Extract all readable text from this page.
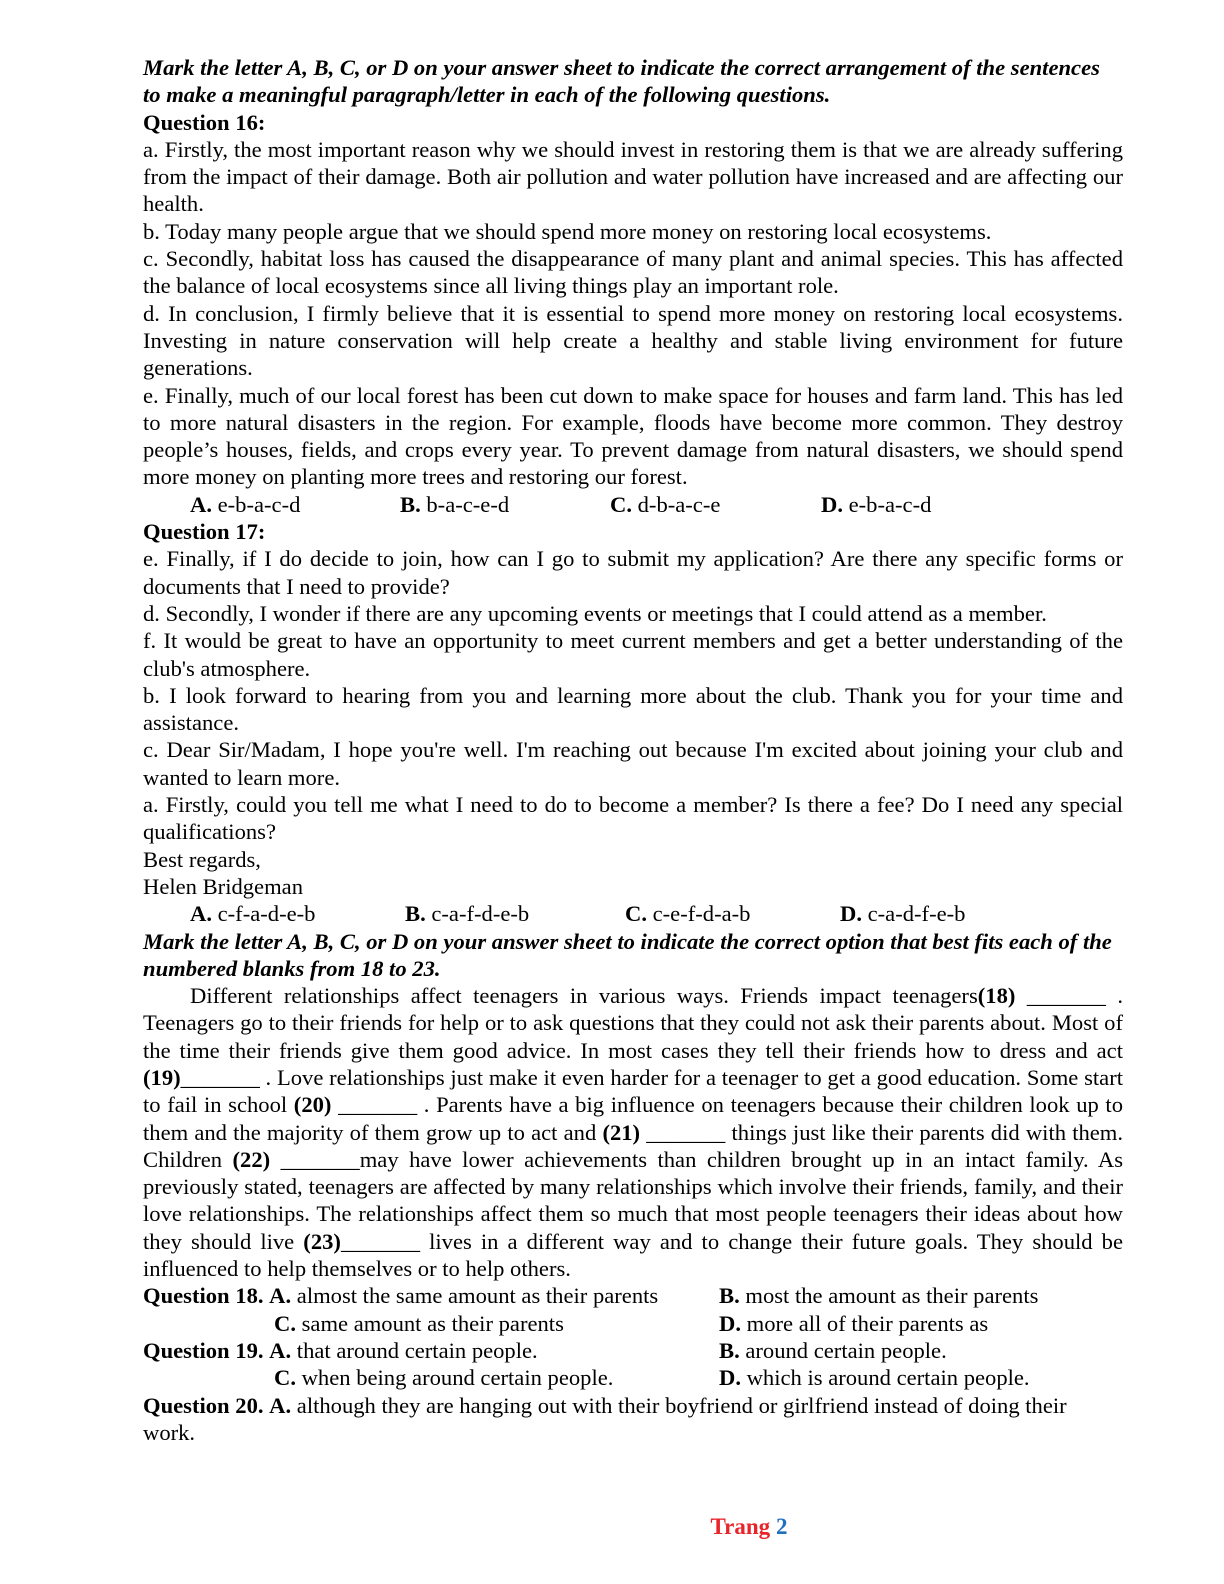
Mark the letter A, B, C, or D on your answer sheet to indicate the correct arrangement of the sentences to make a meaningful paragraph/letter in each of the following questions.

Question 16:

a. Firstly, the most important reason why we should invest in restoring them is that we are already suffering from the impact of their damage. Both air pollution and water pollution have increased and are affecting our health.

b. Today many people argue that we should spend more money on restoring local ecosystems.

c. Secondly, habitat loss has caused the disappearance of many plant and animal species. This has affected the balance of local ecosystems since all living things play an important role.

d. In conclusion, I firmly believe that it is essential to spend more money on restoring local ecosystems. Investing in nature conservation will help create a healthy and stable living environment for future generations.

e. Finally, much of our local forest has been cut down to make space for houses and farm land. This has led to more natural disasters in the region. For example, floods have become more common. They destroy people’s houses, fields, and crops every year. To prevent damage from natural disasters, we should spend more money on planting more trees and restoring our forest.

A. e-b-a-c-d	B. b-a-c-e-d	C. d-b-a-c-e	D. e-b-a-c-d

Question 17:

e. Finally, if I do decide to join, how can I go to submit my application? Are there any specific forms or documents that I need to provide?

d. Secondly, I wonder if there are any upcoming events or meetings that I could attend as a member.

f. It would be great to have an opportunity to meet current members and get a better understanding of the club's atmosphere.

b. I look forward to hearing from you and learning more about the club. Thank you for your time and assistance.

c. Dear Sir/Madam, I hope you're well. I'm reaching out because I'm excited about joining your club and wanted to learn more.

a. Firstly, could you tell me what I need to do to become a member? Is there a fee? Do I need any special qualifications?

Best regards,

Helen Bridgeman

A. c-f-a-d-e-b	B. c-a-f-d-e-b	C. c-e-f-d-a-b	D. c-a-d-f-e-b

Mark the letter A, B, C, or D on your answer sheet to indicate the correct option that best fits each of the numbered blanks from 18 to 23.

Different relationships affect teenagers in various ways. Friends impact teenagers(18) _______ . Teenagers go to their friends for help or to ask questions that they could not ask their parents about. Most of the time their friends give them good advice. In most cases they tell their friends how to dress and act (19)_______ . Love relationships just make it even harder for a teenager to get a good education. Some start to fail in school (20) _______ . Parents have a big influence on teenagers because their children look up to them and the majority of them grow up to act and (21) _______ things just like their parents did with them. Children (22) _______may have lower achievements than children brought up in an intact family. As previously stated, teenagers are affected by many relationships which involve their friends, family, and their love relationships. The relationships affect them so much that most people teenagers their ideas about how they should live (23)_______ lives in a different way and to change their future goals. They should be influenced to help themselves or to help others.

Question 18. A. almost the same amount as their parents	B. most the amount as their parents
C. same amount as their parents	D. more all of their parents as
Question 19. A. that around certain people.	B. around certain people.
C. when being around certain people.	D. which is around certain people.

Question 20. A. although they are hanging out with their boyfriend or girlfriend instead of doing their work.

Trang 2
